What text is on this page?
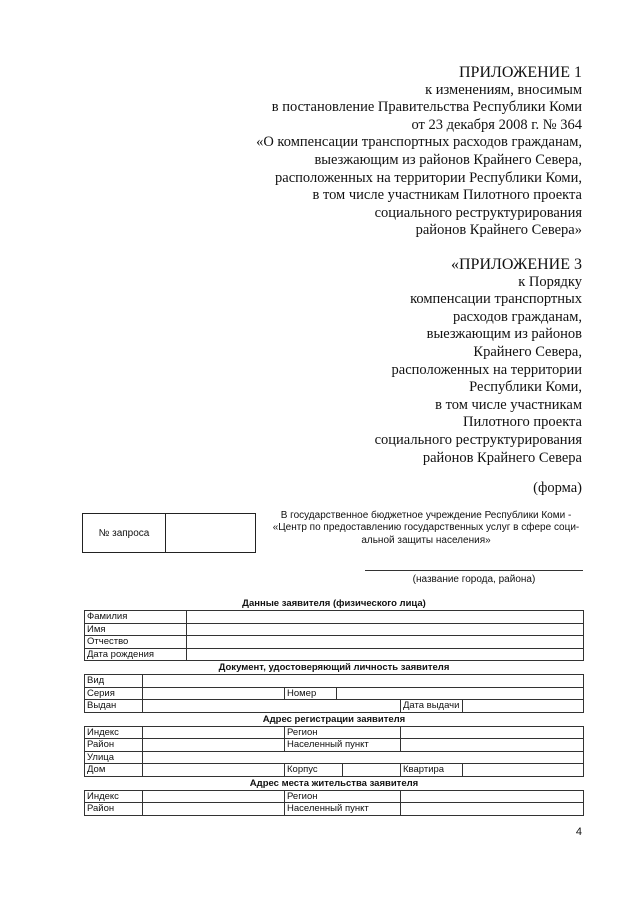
ПРИЛОЖЕНИЕ 1
к изменениям, вносимым
в постановление Правительства Республики Коми
от 23 декабря 2008 г. № 364
«О компенсации транспортных расходов гражданам,
выезжающим из районов Крайнего Севера,
расположенных на территории Республики Коми,
в том числе участникам Пилотного проекта
социального реструктурирования
районов Крайнего Севера»
«ПРИЛОЖЕНИЕ 3
к Порядку
компенсации транспортных
расходов гражданам,
выезжающим из районов
Крайнего Севера,
расположенных на территории
Республики Коми,
в том числе участникам
Пилотного проекта
социального реструктурирования
районов Крайнего Севера
(форма)
№ запроса
В государственное бюджетное учреждение Республики Коми -
«Центр по предоставлению государственных услуг в сфере соци-
альной защиты населения»
(название города, района)
Данные заявителя (физического лица)
Фамилия	
Имя	
Отчество	
Дата рождения	
Документ, удостоверяющий личность заявителя
Вид					
Серия		Номер			
Выдан				Дата выдачи	
Адрес регистрации заявителя
Индекс		Регион			
Район		Населенный пункт			
Улица					
Дом		Корпус		Квартира	
Адрес места жительства заявителя
Индекс		Регион	
Район		Населенный пункт	
4
